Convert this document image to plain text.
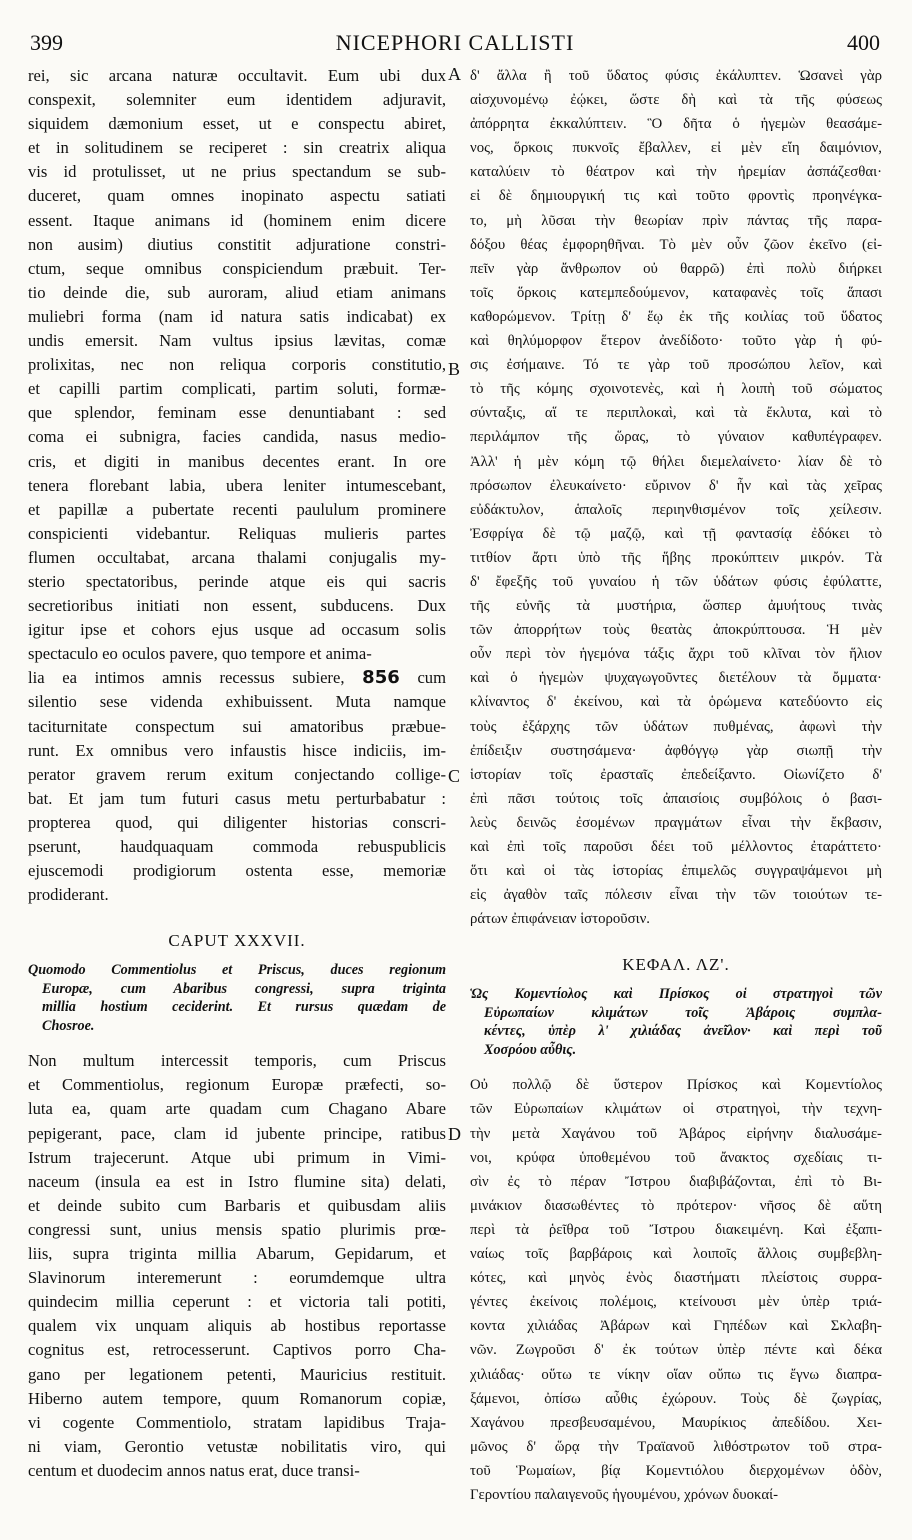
399	NICEPHORI CALLISTI	400
A
B
C
D
rei, sic arcana naturæ occultavit. Eum ubi dux
conspexit, solemniter eum identidem adjuravit,
siquidem dæmonium esset, ut e conspectu abiret,
et in solitudinem se reciperet : sin creatrix aliqua
vis id protulisset, ut ne prius spectandum se sub-
duceret, quam omnes inopinato aspectu satiati
essent. Itaque animans id (hominem enim dicere
non ausim) diutius constitit adjuratione constri-
ctum, seque omnibus conspiciendum præbuit. Ter-
tio deinde die, sub auroram, aliud etiam animans
muliebri forma (nam id natura satis indicabat) ex
undis emersit. Nam vultus ipsius lævitas, comæ
prolixitas, nec non reliqua corporis constitutio,
et capilli partim complicati, partim soluti, formæ-
que splendor, feminam esse denuntiabant : sed
coma ei subnigra, facies candida, nasus medio-
cris, et digiti in manibus decentes erant. In ore
tenera florebant labia, ubera leniter intumescebant,
et papillæ a pubertate recenti paululum prominere
conspicienti videbantur. Reliquas mulieris partes
flumen occultabat, arcana thalami conjugalis my-
sterio spectatoribus, perinde atque eis qui sacris
secretioribus initiati non essent, subducens. Dux
igitur ipse et cohors ejus usque ad occasum solis
spectaculo eo oculos pavere, quo tempore et anima-
lia ea intimos amnis recessus subiere, 856 cum
silentio sese videnda exhibuissent. Muta namque
taciturnitate conspectum sui amatoribus præbue-
runt. Ex omnibus vero infaustis hisce indiciis, im-
perator gravem rerum exitum conjectando collige-
bat. Et jam tum futuri casus metu perturbabatur :
propterea quod, qui diligenter historias conscri-
pserunt, haudquaquam commoda rebuspublicis
ejuscemodi prodigiorum ostenta esse, memoriæ
prodiderant.
CAPUT XXXVII.
Quomodo Commentiolus et Priscus, duces regionum
Europæ, cum Abaribus congressi, supra triginta
millia hostium ceciderint. Et rursus quædam de
Chosroe.
Non multum intercessit temporis, cum Priscus
et Commentiolus, regionum Europæ præfecti, so-
luta ea, quam arte quadam cum Chagano Abare
pepigerant, pace, clam id jubente principe, ratibus
Istrum trajecerunt. Atque ubi primum in Vimi-
naceum (insula ea est in Istro flumine sita) delati,
et deinde subito cum Barbaris et quibusdam aliis
congressi sunt, unius mensis spatio plurimis prœ-
liis, supra triginta millia Abarum, Gepidarum, et
Slavinorum interemerunt : eorumdemque ultra
quindecim millia ceperunt : et victoria tali potiti,
qualem vix unquam aliquis ab hostibus reportasse
cognitus est, retrocesserunt. Captivos porro Cha-
gano per legationem petenti, Mauricius restituit.
Hiberno autem tempore, quum Romanorum copiæ,
vi cogente Commentiolo, stratam lapidibus Traja-
ni viam, Gerontio vetustæ nobilitatis viro, qui
centum et duodecim annos natus erat, duce transi-
δ' ἄλλα ἢ τοῦ ὕδατος φύσις ἐκάλυπτεν. Ὡσανεὶ γὰρ
αἰσχυνομένῳ ἐῴκει, ὥστε δὴ καὶ τὰ τῆς φύσεως
ἀπόρρητα ἐκκαλύπτειν. Ὃ δῆτα ὁ ἡγεμὼν θεασάμε-
νος, ὅρκοις πυκνοῖς ἔβαλλεν, εἰ μὲν εἴη δαιμόνιον,
καταλύειν τὸ θέατρον καὶ τὴν ἠρεμίαν ἀσπάζεσθαι·
εἰ δὲ δημιουργική τις καὶ τοῦτο φροντὶς προηνέγκα-
το, μὴ λῦσαι τὴν θεωρίαν πρὶν πάντας τῆς παρα-
δόξου θέας ἐμφορηθῆναι. Τὸ μὲν οὖν ζῶον ἐκεῖνο (εἰ-
πεῖν γὰρ ἄνθρωπον οὐ θαρρῶ) ἐπὶ πολὺ διήρκει
τοῖς ὅρκοις κατεμπεδούμενον, καταφανὲς τοῖς ἅπασι
καθορώμενον. Τρίτῃ δ' ἕῳ ἐκ τῆς κοιλίας τοῦ ὕδατος
καὶ θηλύμορφον ἕτερον ἀνεδίδοτο· τοῦτο γὰρ ἡ φύ-
σις ἐσήμαινε. Τό τε γὰρ τοῦ προσώπου λεῖον, καὶ
τὸ τῆς κόμης σχοινοτενὲς, καὶ ἡ λοιπὴ τοῦ σώματος
σύνταξις, αἵ τε περιπλοκαὶ, καὶ τὰ ἔκλυτα, καὶ τὸ
περιλάμπον τῆς ὥρας, τὸ γύναιον καθυπέγραφεν.
Ἀλλ' ἡ μὲν κόμη τῷ θήλει διεμελαίνετο· λίαν δὲ τὸ
πρόσωπον ἐλευκαίνετο· εὔρινον δ' ἦν καὶ τὰς χεῖρας
εὐδάκτυλον, ἁπαλοῖς περιηνθισμένον τοῖς χείλεσιν.
Ἐσφρίγα δὲ τῷ μαζῷ, καὶ τῇ φαντασίᾳ ἐδόκει τὸ
τιτθίον ἄρτι ὑπὸ τῆς ἥβης προκύπτειν μικρόν. Τὰ
δ' ἔφεξῆς τοῦ γυναίου ἡ τῶν ὑδάτων φύσις ἐφύλαττε,
τῆς εὐνῆς τὰ μυστήρια, ὥσπερ ἀμυήτους τινὰς
τῶν ἀπορρήτων τοὺς θεατὰς ἀποκρύπτουσα. Ἡ μὲν
οὖν περὶ τὸν ἡγεμόνα τάξις ἄχρι τοῦ κλῖναι τὸν ἥλιον
καὶ ὁ ἡγεμὼν ψυχαγωγοῦντες διετέλουν τὰ ὄμματα·
κλίναντος δ' ἐκείνου, καὶ τὰ ὁρώμενα κατεδύοντο εἰς
τοὺς ἐξάρχης τῶν ὑδάτων πυθμένας, ἀφωνὶ τὴν
ἐπίδειξιν συστησάμενα· ἀφθόγγῳ γὰρ σιωπῇ τὴν
ἱστορίαν τοῖς ἐρασταῖς ἐπεδείξαντο. Οἰωνίζετο δ'
ἐπὶ πᾶσι τούτοις τοῖς ἀπαισίοις συμβόλοις ὁ βασι-
λεὺς δεινῶς ἐσομένων πραγμάτων εἶναι τὴν ἔκβασιν,
καὶ ἐπὶ τοῖς παροῦσι δέει τοῦ μέλλοντος ἐταράττετο·
ὅτι καὶ οἱ τὰς ἱστορίας ἐπιμελῶς συγγραψάμενοι μὴ
εἰς ἀγαθὸν ταῖς πόλεσιν εἶναι τὴν τῶν τοιούτων τε-
ράτων ἐπιφάνειαν ἱστοροῦσιν.
ΚΕΦΑΛ. ΛΖ'.
Ὡς Κομεντίολος καὶ Πρίσκος οἱ στρατηγοὶ τῶν
Εὐρωπαίων κλιμάτων τοῖς Ἀβάροις συμπλα-
κέντες, ὑπὲρ λ' χιλιάδας ἀνεῖλον· καὶ περὶ τοῦ
Χοσρόου αὖθις.
Οὐ πολλῷ δὲ ὕστερον Πρίσκος καὶ Κομεντίολος
τῶν Εὐρωπαίων κλιμάτων οἱ στρατηγοὶ, τὴν τεχνη-
τὴν μετὰ Χαγάνου τοῦ Ἀβάρος εἰρήνην διαλυσάμε-
νοι, κρύφα ὑποθεμένου τοῦ ἄνακτος σχεδίαις τι-
σὶν ἐς τὸ πέραν Ἴστρου διαβιβάζονται, ἐπὶ τὸ Βι-
μινάκιον διασωθέντες τὸ πρότερον· νῆσος δὲ αὕτη
περὶ τὰ ῥεῖθρα τοῦ Ἴστρου διακειμένη. Καὶ ἐξαπι-
ναίως τοῖς βαρβάροις καὶ λοιποῖς ἄλλοις συμβεβλη-
κότες, καὶ μηνὸς ἑνὸς διαστήματι πλείστοις συρρα-
γέντες ἐκείνοις πολέμοις, κτείνουσι μὲν ὑπὲρ τριά-
κοντα χιλιάδας Ἀβάρων καὶ Γηπέδων καὶ Σκλαβη-
νῶν. Ζωγροῦσι δ' ἐκ τούτων ὑπὲρ πέντε καὶ δέκα
χιλιάδας· οὕτω τε νίκην οἵαν οὔπω τις ἔγνω διαπρα-
ξάμενοι, ὀπίσω αὖθις ἐχώρουν. Τοὺς δὲ ζωγρίας,
Χαγάνου πρεσβευσαμένου, Μαυρίκιος ἀπεδίδου. Χει-
μῶνος δ' ὥρᾳ τὴν Τραϊανοῦ λιθόστρωτον τοῦ στρα-
τοῦ Ῥωμαίων, βίᾳ Κομεντιόλου διερχομένων ὁδὸν,
Γεροντίου παλαιγενοῦς ἡγουμένου, χρόνων δυοκαί-
